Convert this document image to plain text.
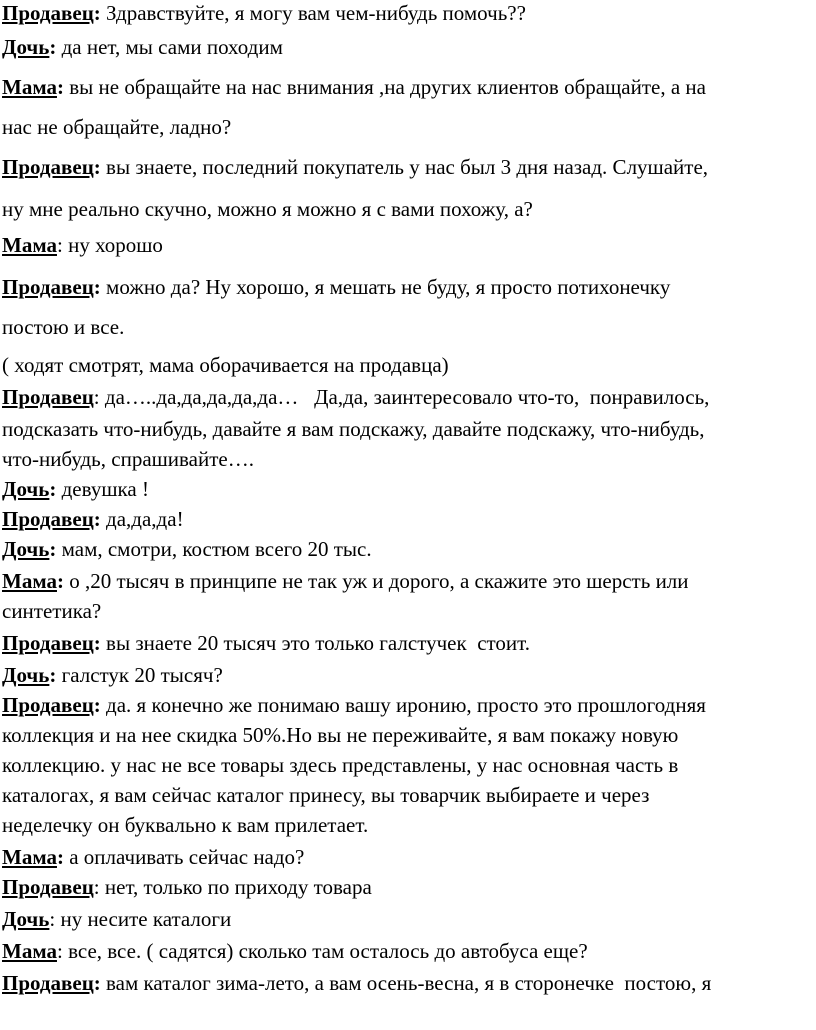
Продавец: Здравствуйте, я могу вам чем-нибудь помочь??
Дочь: да нет, мы сами походим
Мама: вы не обращайте на нас внимания ,на других клиентов обращайте, а на
нас не обращайте, ладно?
Продавец: вы знаете, последний покупатель у нас был 3 дня назад. Слушайте,
ну мне реально скучно, можно я можно я с вами похожу, а?
Мама: ну хорошо
Продавец: можно да? Ну хорошо, я мешать не буду, я просто потихонечку
постою и все.
( ходят смотрят, мама оборачивается на продавца)
Продавец: да…..да,да,да,да,да…   Да,да, заинтересовало что-то,  понравилось,
подсказать что-нибудь, давайте я вам подскажу, давайте подскажу, что-нибудь,
что-нибудь, спрашивайте….
Дочь: девушка !
Продавец: да,да,да!
Дочь: мам, смотри, костюм всего 20 тыс.
Мама: о ,20 тысяч в принципе не так уж и дорого, а скажите это шерсть или
синтетика?
Продавец: вы знаете 20 тысяч это только галстучек  стоит.
Дочь: галстук 20 тысяч?
Продавец: да. я конечно же понимаю вашу иронию, просто это прошлогодняя
коллекция и на нее скидка 50%.Но вы не переживайте, я вам покажу новую
коллекцию. у нас не все товары здесь представлены, у нас основная часть в
каталогах, я вам сейчас каталог принесу, вы товарчик выбираете и через
неделечку он буквально к вам прилетает.
Мама: а оплачивать сейчас надо?
Продавец: нет, только по приходу товара
Дочь: ну несите каталоги
Мама: все, все. ( садятся) сколько там осталось до автобуса еще?
Продавец: вам каталог зима-лето, а вам осень-весна, я в сторонечке  постою, я
